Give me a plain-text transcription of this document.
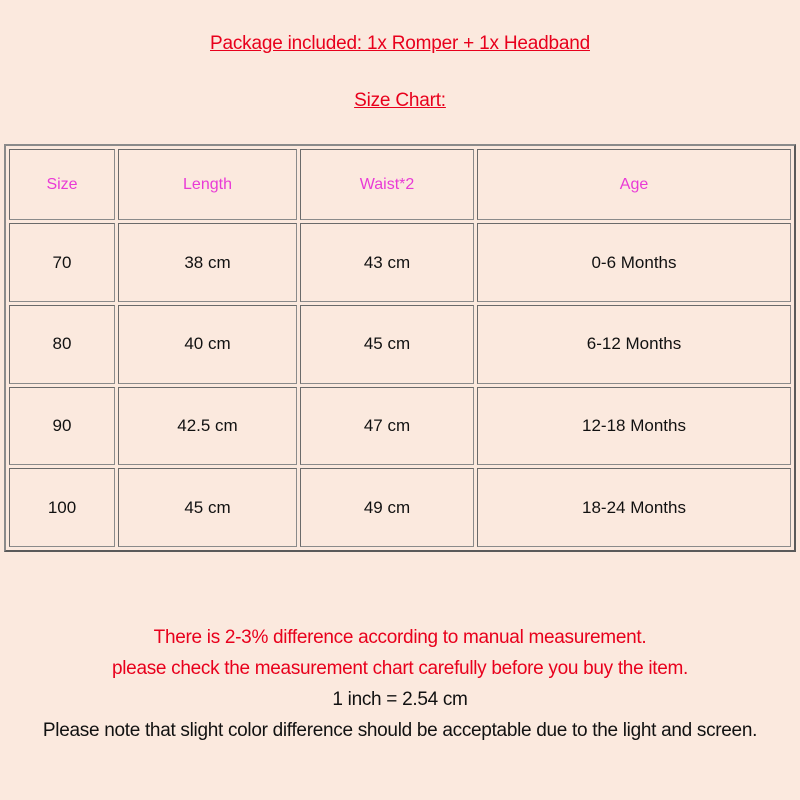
Package included: 1x Romper + 1x Headband
Size Chart:
Size	Length	Waist*2	Age
70	38 cm	43 cm	0-6 Months
80	40 cm	45 cm	6-12 Months
90	42.5 cm	47 cm	12-18 Months
100	45 cm	49 cm	18-24 Months
There is 2-3% difference according to manual measurement.
please check the measurement chart carefully before you buy the item.
1 inch = 2.54 cm
Please note that slight color difference should be acceptable due to the light and screen.
